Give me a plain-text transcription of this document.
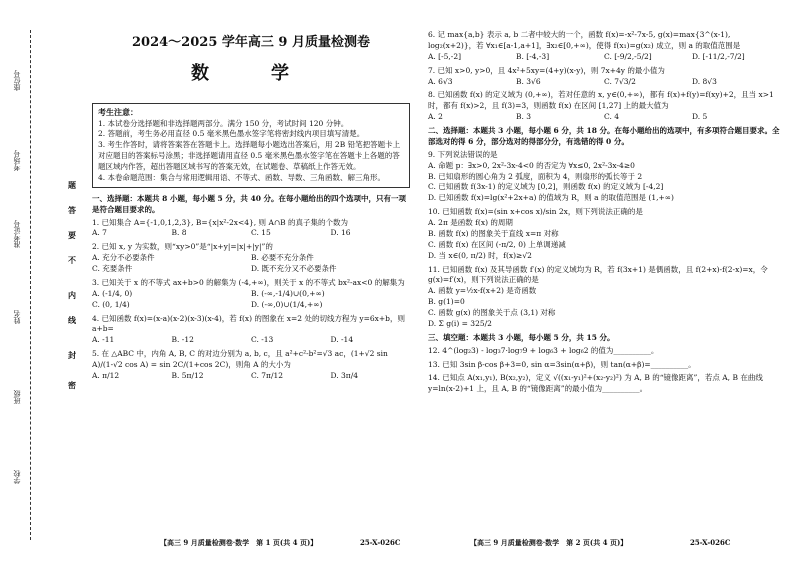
学校
班级
姓名
准考证号
考场号
座位号
题
答
要
不
内
线
封
密
2024～2025 学年高三 9 月质量检测卷
数　学
考生注意：

1. 本试卷分选择题和非选择题两部分。满分 150 分，考试时间 120 分钟。

2. 答题前，考生务必用直径 0.5 毫米黑色墨水签字笔将密封线内项目填写清楚。

3. 考生作答时，请将答案答在答题卡上。选择题每小题选出答案后，用 2B 铅笔把答题卡上对应题目的答案标号涂黑；非选择题请用直径 0.5 毫米黑色墨水签字笔在答题卡上各题的答题区域内作答，超出答题区域书写的答案无效，在试题卷、草稿纸上作答无效。

4. 本卷命题范围：集合与常用逻辑用语、不等式、函数、导数、三角函数、解三角形。

一、选择题：本题共 8 小题，每小题 5 分，共 40 分。在每小题给出的四个选项中，只有一项是符合题目要求的。

1. 已知集合 A={-1,0,1,2,3}, B={x|x²-2x<4}, 则 A∩B 的真子集的个数为

A. 7	B. 8	C. 15	D. 16

2. 已知 x, y 为实数，则“xy>0”是“|x+y|=|x|+|y|”的

A. 充分不必要条件	B. 必要不充分条件
C. 充要条件	D. 既不充分又不必要条件

3. 已知关于 x 的不等式 ax+b>0 的解集为 (-4,+∞)，则关于 x 的不等式 bx²-ax<0 的解集为

A. (-1/4, 0)	B. (-∞,-1/4)∪(0,+∞)
C. (0, 1/4)	D. (-∞,0)∪(1/4,+∞)

4. 已知函数 f(x)=(x-a)(x-2)(x-3)(x-4)，若 f(x) 的图象在 x=2 处的切线方程为 y=6x+b，则 a+b=

A. -11	B. -12	C. -13	D. -14

5. 在 △ABC 中，内角 A, B, C 的对边分别为 a, b, c，且 a²+c²-b²=√3 ac，(1+√2 sin A)/(1-√2 cos A) = sin 2C/(1+cos 2C)，则角 A 的大小为

A. π/12	B. 5π/12	C. 7π/12	D. 3π/4

6. 记 max{a,b} 表示 a, b 二者中较大的一个，函数 f(x)=-x²-7x-5, g(x)=max{3^(x-1), log₂(x+2)}，若 ∀x₁∈[a-1,a+1]，∃x₂∈[0,+∞)，使得 f(x₁)=g(x₂) 成立，则 a 的取值范围是

A. [-5,-2]	B. [-4,-3]	C. [-9/2,-5/2]	D. [-11/2,-7/2]

7. 已知 x>0, y>0，且 4x²+5xy=(4+y)(x-y)，则 7x+4y 的最小值为

A. 6√3	B. 3√6	C. 7√3/2	D. 8√3

8. 已知函数 f(x) 的定义域为 (0,+∞)，若对任意的 x, y∈(0,+∞)，都有 f(x)+f(y)=f(xy)+2，且当 x>1 时，都有 f(x)>2，且 f(3)=3，则函数 f(x) 在区间 [1,27] 上的最大值为

A. 2	B. 3	C. 4	D. 5
二、选择题：本题共 3 小题，每小题 6 分，共 18 分。在每小题给出的选项中，有多项符合题目要求。全部选对的得 6 分，部分选对的得部分分，有选错的得 0 分。

9. 下列说法错误的是

A. 命题 p：∃x>0, 2x²-3x-4<0 的否定为 ∀x≤0, 2x²-3x-4≥0
B. 已知扇形的圆心角为 2 弧度，面积为 4，则扇形的弧长等于 2
C. 已知函数 f(3x-1) 的定义域为 [0,2]，则函数 f(x) 的定义域为 [-4,2]
D. 已知函数 f(x)=lg(x²+2x+a) 的值域为 R，则 a 的取值范围是 (1,+∞)

10. 已知函数 f(x)=(sin x+cos x)/sin 2x，则下列说法正确的是

A. 2π 是函数 f(x) 的周期
B. 函数 f(x) 的图象关于直线 x=π 对称
C. 函数 f(x) 在区间 (-π/2, 0) 上单调递减
D. 当 x∈(0, π/2) 时，f(x)≥√2

11. 已知函数 f(x) 及其导函数 f′(x) 的定义域均为 R，若 f(3x+1) 是偶函数，且 f(2+x)-f(2-x)=x，令 g(x)=f′(x)，则下列说法正确的是

A. 函数 y=½x-f(x+2) 是奇函数
B. g(1)=0
C. 函数 g(x) 的图象关于点 (3,1) 对称
D. Σ g(i) = 325/2
三、填空题：本题共 3 小题，每小题 5 分，共 15 分。

12. 4^(log₂3) - log₃7·log₇9 + log₆3 + log₆2 的值为__________。

13. 已知 3sin β-cos β+3=0, sin α=3sin(α+β)，则 tan(α+β)=__________。

14. 已知点 A(x₁,y₁), B(x₂,y₂)，定义 √((x₁-y₁)²+(x₂-y₂)²) 为 A, B 的“镜像距离”，若点 A, B 在曲线 y=ln(x-2)+1 上，且 A, B 的“镜像距离”的最小值为__________。

【高三 9 月质量检测卷·数学　第 1 页(共 4 页)】	25-X-026C	【高三 9 月质量检测卷·数学　第 2 页(共 4 页)】	25-X-026C
